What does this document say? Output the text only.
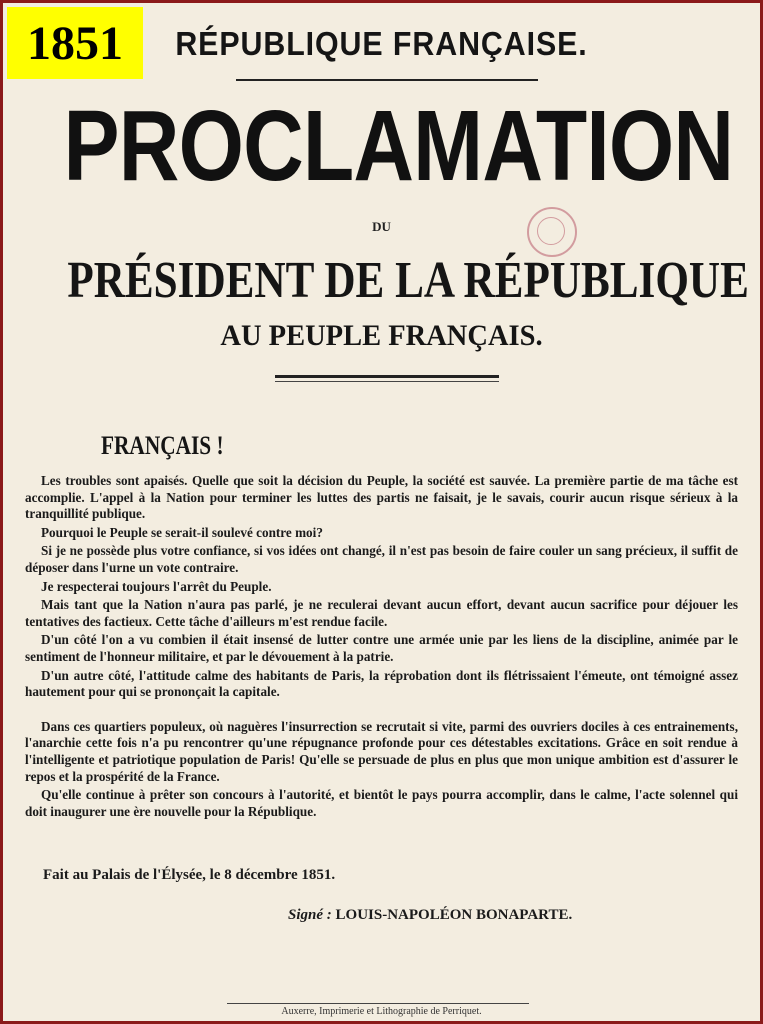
1851	RÉPUBLIQUE FRANÇAISE.
PROCLAMATION
DU
PRÉSIDENT DE LA RÉPUBLIQUE
AU PEUPLE FRANÇAIS.
FRANÇAIS !

Les troubles sont apaisés. Quelle que soit la décision du Peuple, la société est sauvée. La première partie de ma tâche est accomplie. L'appel à la Nation pour terminer les luttes des partis ne faisait, je le savais, courir aucun risque sérieux à la tranquillité publique.

Pourquoi le Peuple se serait-il soulevé contre moi?

Si je ne possède plus votre confiance, si vos idées ont changé, il n'est pas besoin de faire couler un sang précieux, il suffit de déposer dans l'urne un vote contraire.

Je respecterai toujours l'arrêt du Peuple.

Mais tant que la Nation n'aura pas parlé, je ne reculerai devant aucun effort, devant aucun sacrifice pour déjouer les tentatives des factieux. Cette tâche d'ailleurs m'est rendue facile.

D'un côté l'on a vu combien il était insensé de lutter contre une armée unie par les liens de la discipline, animée par le sentiment de l'honneur militaire, et par le dévouement à la patrie.

D'un autre côté, l'attitude calme des habitants de Paris, la réprobation dont ils flétrissaient l'émeute, ont témoigné assez hautement pour qui se prononçait la capitale.

Dans ces quartiers populeux, où naguères l'insurrection se recrutait si vite, parmi des ouvriers dociles à ces entrainements, l'anarchie cette fois n'a pu rencontrer qu'une répugnance profonde pour ces détestables excitations. Grâce en soit rendue à l'intelligente et patriotique population de Paris! Qu'elle se persuade de plus en plus que mon unique ambition est d'assurer le repos et la prospérité de la France.

Qu'elle continue à prêter son concours à l'autorité, et bientôt le pays pourra accomplir, dans le calme, l'acte solennel qui doit inaugurer une ère nouvelle pour la République.

Fait au Palais de l'Élysée, le 8 décembre 1851.
Signé : LOUIS-NAPOLÉON BONAPARTE.
Auxerre, Imprimerie et Lithographie de Perriquet.
